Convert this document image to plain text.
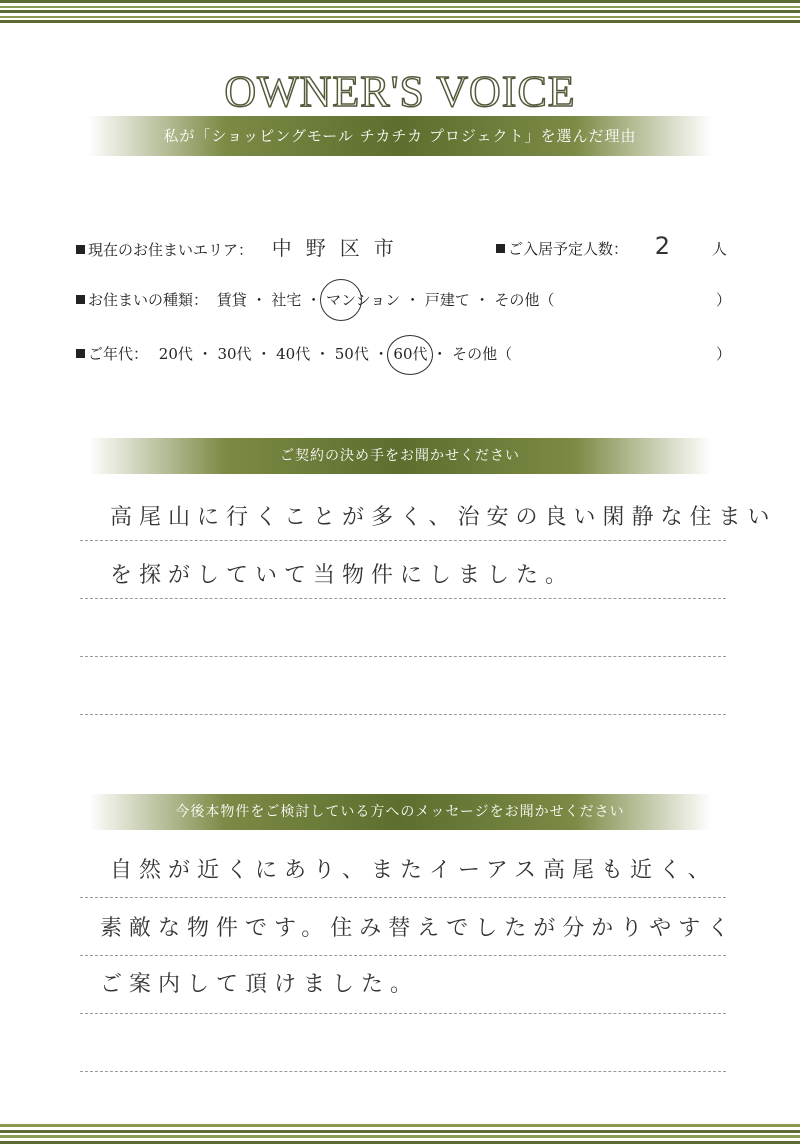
OWNER'S VOICE
私が「ショッピングモール チカチカ プロジェクト」を選んだ理由
現在のお住まいエリア： 中野区市	ご入居予定人数： 2 人
お住まいの種類： 賃貸 ・ 社宅 ・
マンション ・ 戸建て ・ その他（	）
ご年代： 20代 ・ 30代 ・ 40代 ・ 50代 ・
60代 ・ その他（	）
ご契約の決め手をお聞かせください
高尾山に行くことが多く、治安の良い閑静な住まい
を探がしていて当物件にしました。
今後本物件をご検討している方へのメッセージをお聞かせください
自然が近くにあり、またイーアス高尾も近く、
素敵な物件です。住み替えでしたが分かりやすく
ご案内して頂けました。
